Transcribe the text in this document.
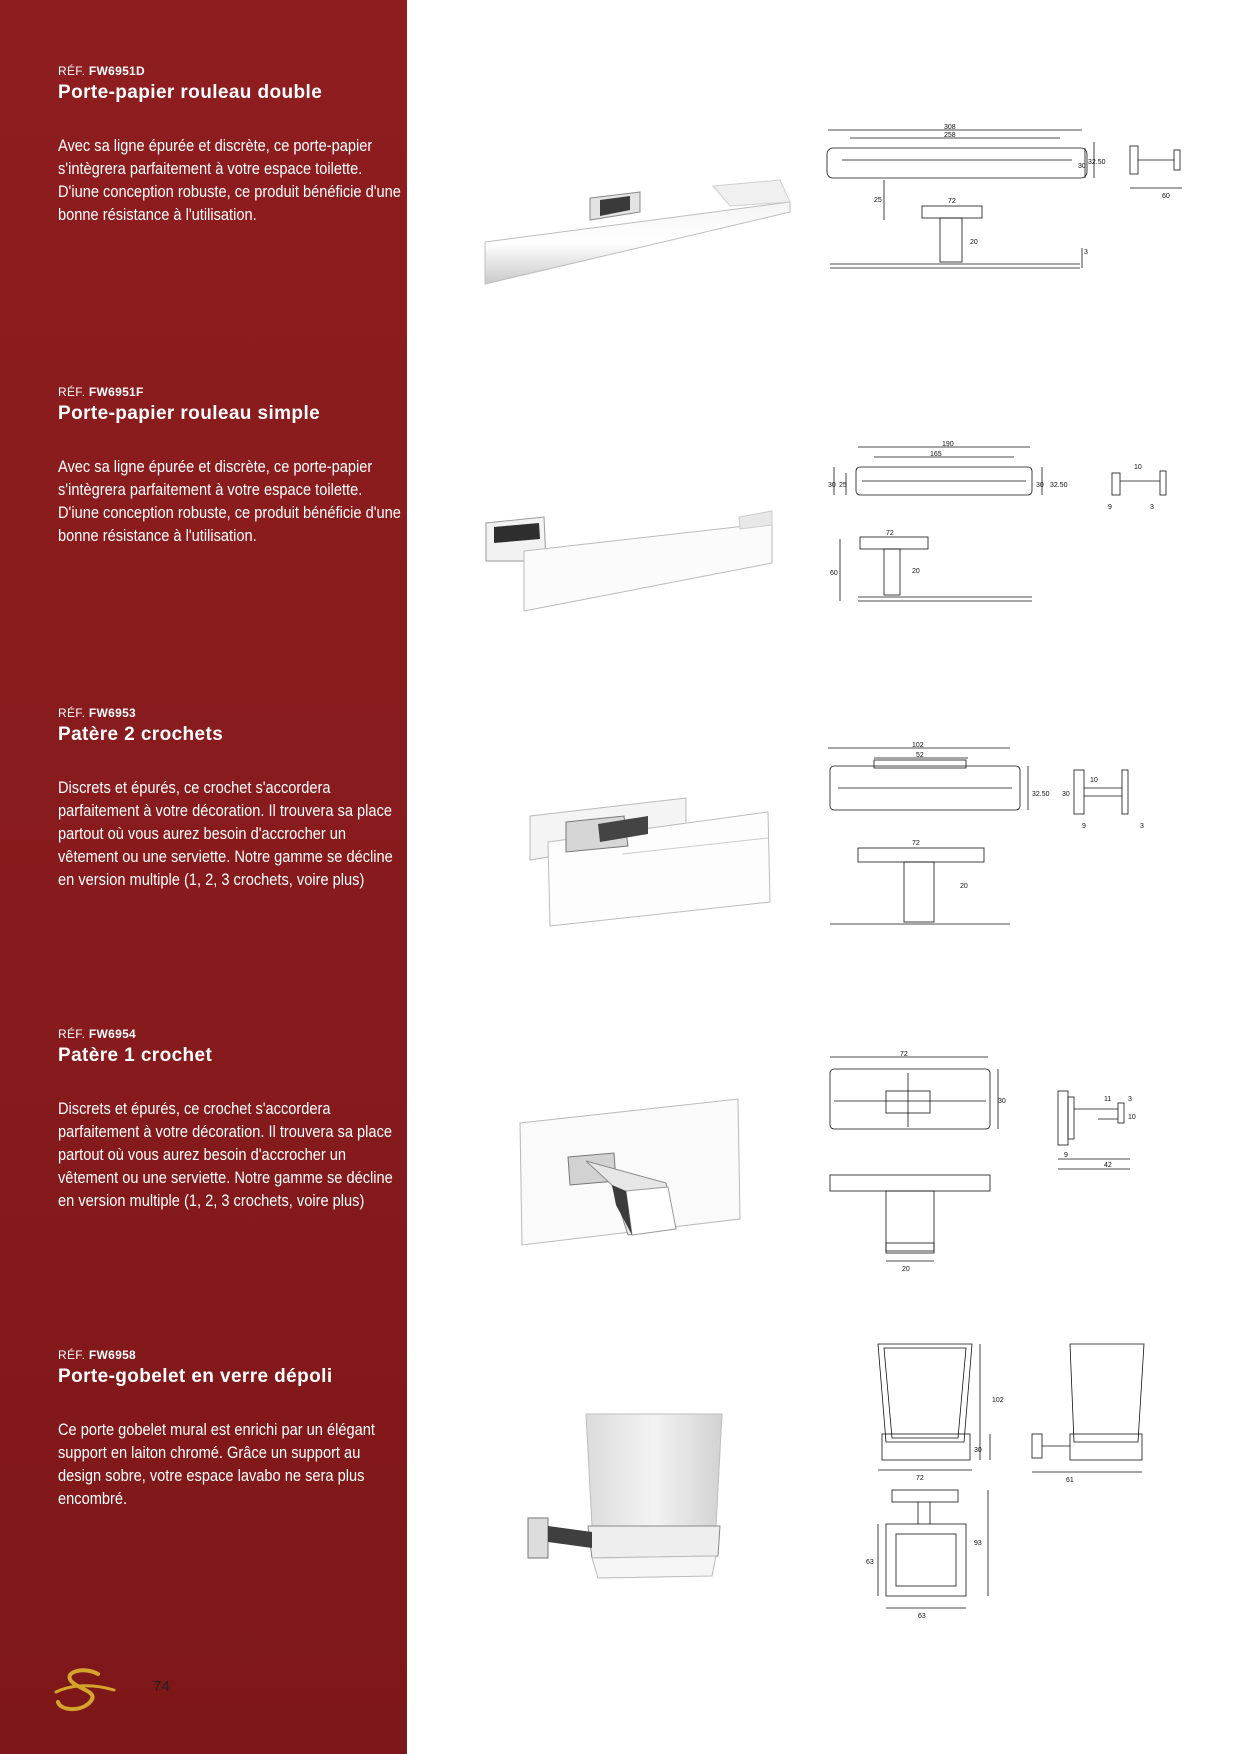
RÉF. FW6951D
Porte-papier rouleau double
Avec sa ligne épurée et discrète, ce porte-papier s'intègrera parfaitement à votre espace toilette. D'iune conception robuste, ce produit bénéficie d'une bonne résistance à l'utilisation.
308
258
30
32.50
25	72
20
3
60
RÉF. FW6951F
Porte-papier rouleau simple
Avec sa ligne épurée et discrète, ce porte-papier s'intègrera parfaitement à votre espace toilette. D'iune conception robuste, ce produit bénéficie d'une bonne résistance à l'utilisation.
190
165
30 25	30 32.50
72
60	20
10
9	3
RÉF. FW6953
Patère 2 crochets
Discrets et épurés, ce crochet s'accordera parfaitement à votre décoration. Il trouvera sa place partout où vous aurez besoin d'accrocher un vêtement ou une serviette. Notre gamme se décline en version multiple (1, 2, 3 crochets, voire plus)
102
52
32.50
72
20
30
10
9	3
RÉF. FW6954
Patère 1 crochet
Discrets et épurés, ce crochet s'accordera parfaitement à votre décoration. Il trouvera sa place partout où vous aurez besoin d'accrocher un vêtement ou une serviette. Notre gamme se décline en version multiple (1, 2, 3 crochets, voire plus)
72
30
20
11 3
10
9
42
RÉF. FW6958
Porte-gobelet en verre dépoli
Ce porte gobelet mural est enrichi par un élégant support en laiton chromé. Grâce un support au design sobre, votre espace lavabo ne sera plus encombré.
102
30
72	61
93
63
63
74
